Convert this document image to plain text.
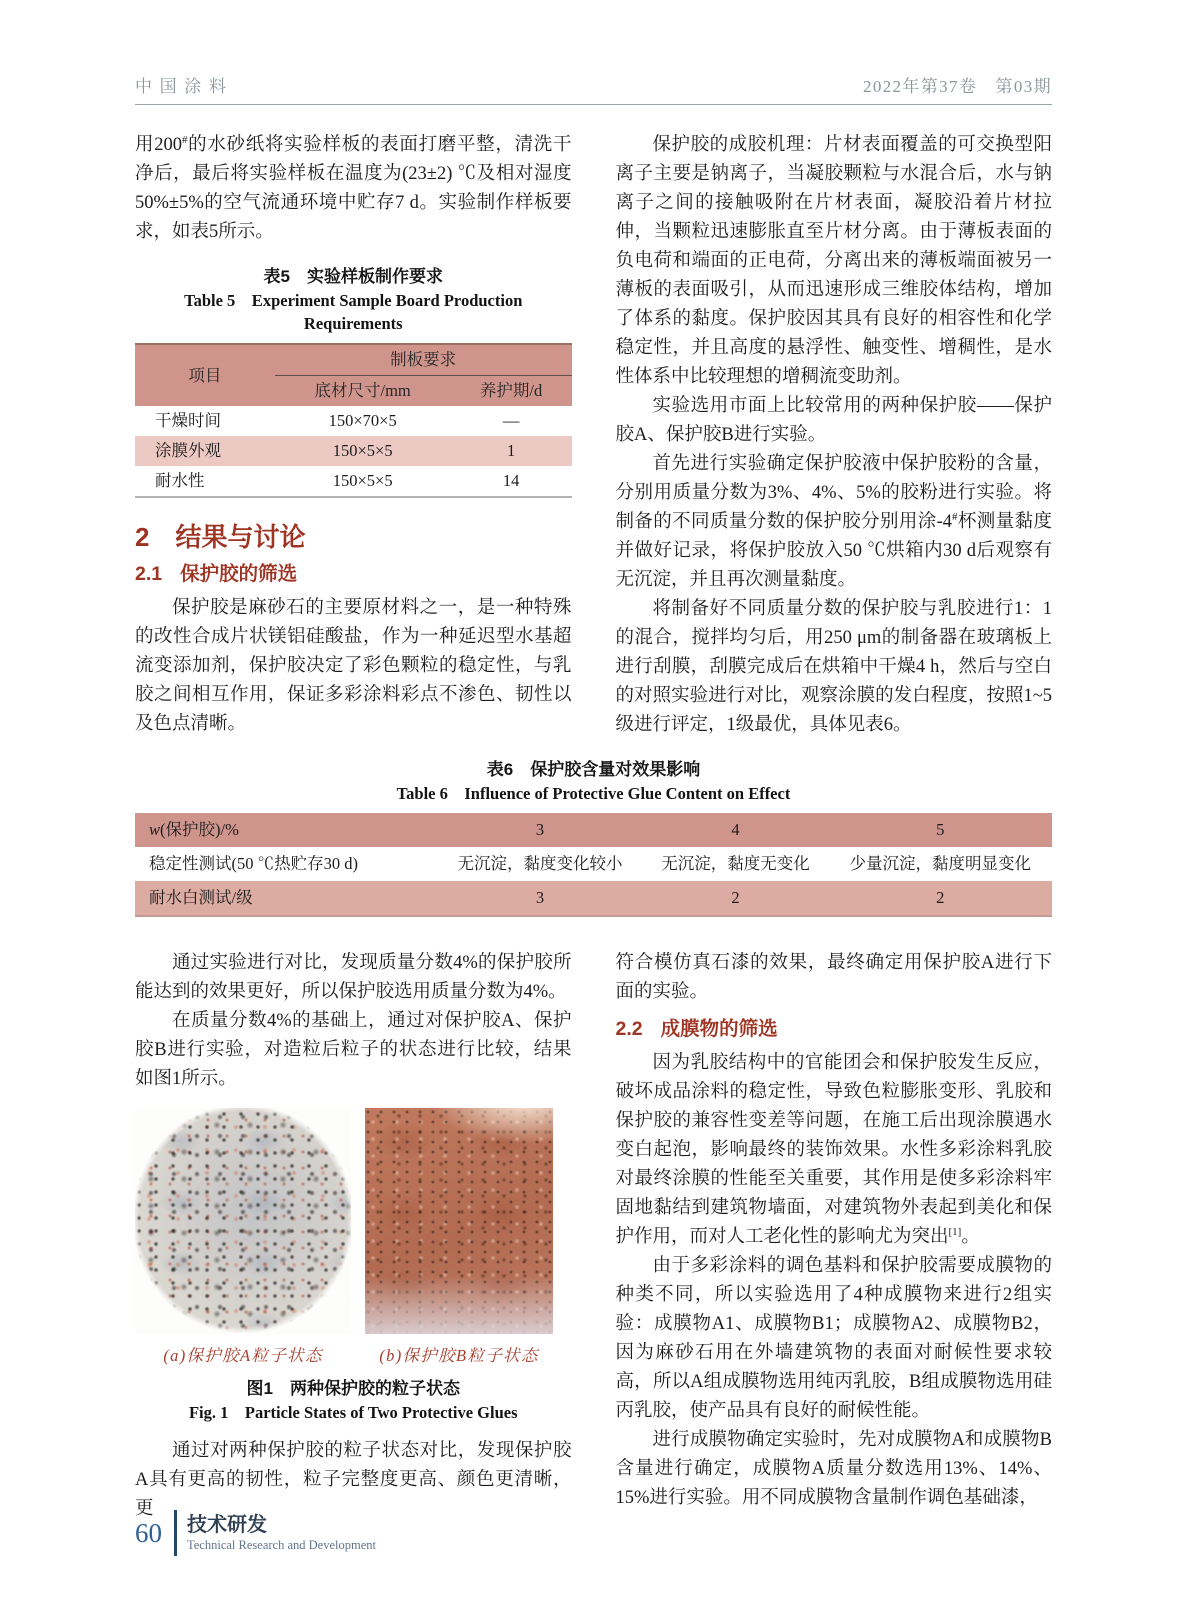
中国涂料	2022年第37卷　第03期

用200#的水砂纸将实验样板的表面打磨平整，清洗干净后，最后将实验样板在温度为(23±2) ℃及相对湿度50%±5%的空气流通环境中贮存7 d。实验制作样板要求，如表5所示。

表5　实验样板制作要求
Table 5　Experiment Sample Board Production Requirements
项目	制板要求	
	底材尺寸/mm	养护期/d
干燥时间	150×70×5	—
涂膜外观	150×5×5	1
耐水性	150×5×5	14
2 结果与讨论
2.1 保护胶的筛选

保护胶是麻砂石的主要原材料之一，是一种特殊的改性合成片状镁铝硅酸盐，作为一种延迟型水基超流变添加剂，保护胶决定了彩色颗粒的稳定性，与乳胶之间相互作用，保证多彩涂料彩点不渗色、韧性以及色点清晰。

保护胶的成胶机理：片材表面覆盖的可交换型阳离子主要是钠离子，当凝胶颗粒与水混合后，水与钠离子之间的接触吸附在片材表面，凝胶沿着片材拉伸，当颗粒迅速膨胀直至片材分离。由于薄板表面的负电荷和端面的正电荷，分离出来的薄板端面被另一薄板的表面吸引，从而迅速形成三维胶体结构，增加了体系的黏度。保护胶因其具有良好的相容性和化学稳定性，并且高度的悬浮性、触变性、增稠性，是水性体系中比较理想的增稠流变助剂。

实验选用市面上比较常用的两种保护胶——保护胶A、保护胶B进行实验。

首先进行实验确定保护胶液中保护胶粉的含量，分别用质量分数为3%、4%、5%的胶粉进行实验。将制备的不同质量分数的保护胶分别用涂-4#杯测量黏度并做好记录，将保护胶放入50 ℃烘箱内30 d后观察有无沉淀，并且再次测量黏度。

将制备好不同质量分数的保护胶与乳胶进行1：1的混合，搅拌均匀后，用250 μm的制备器在玻璃板上进行刮膜，刮膜完成后在烘箱中干燥4 h，然后与空白的对照实验进行对比，观察涂膜的发白程度，按照1~5级进行评定，1级最优，具体见表6。

表6　保护胶含量对效果影响
Table 6　Influence of Protective Glue Content on Effect
w(保护胶)/%	3	4	5
稳定性测试(50 ℃热贮存30 d)	无沉淀，黏度变化较小	无沉淀，黏度无变化	少量沉淀，黏度明显变化
耐水白测试/级	3	2	2

通过实验进行对比，发现质量分数4%的保护胶所能达到的效果更好，所以保护胶选用质量分数为4%。

在质量分数4%的基础上，通过对保护胶A、保护胶B进行实验，对造粒后粒子的状态进行比较，结果如图1所示。

(a)保护胶A粒子状态	(b)保护胶B粒子状态
图1　两种保护胶的粒子状态
Fig. 1　Particle States of Two Protective Glues

通过对两种保护胶的粒子状态对比，发现保护胶A具有更高的韧性，粒子完整度更高、颜色更清晰，更

符合模仿真石漆的效果，最终确定用保护胶A进行下面的实验。

2.2 成膜物的筛选

因为乳胶结构中的官能团会和保护胶发生反应，破坏成品涂料的稳定性，导致色粒膨胀变形、乳胶和保护胶的兼容性变差等问题，在施工后出现涂膜遇水变白起泡，影响最终的装饰效果。水性多彩涂料乳胶对最终涂膜的性能至关重要，其作用是使多彩涂料牢固地黏结到建筑物墙面，对建筑物外表起到美化和保护作用，而对人工老化性的影响尤为突出[1]。

由于多彩涂料的调色基料和保护胶需要成膜物的种类不同，所以实验选用了4种成膜物来进行2组实验：成膜物A1、成膜物B1；成膜物A2、成膜物B2，因为麻砂石用在外墙建筑物的表面对耐候性要求较高，所以A组成膜物选用纯丙乳胶，B组成膜物选用硅丙乳胶，使产品具有良好的耐候性能。

进行成膜物确定实验时，先对成膜物A和成膜物B含量进行确定，成膜物A质量分数选用13%、14%、15%进行实验。用不同成膜物含量制作调色基础漆，

60 技术研发
Technical Research and Development
